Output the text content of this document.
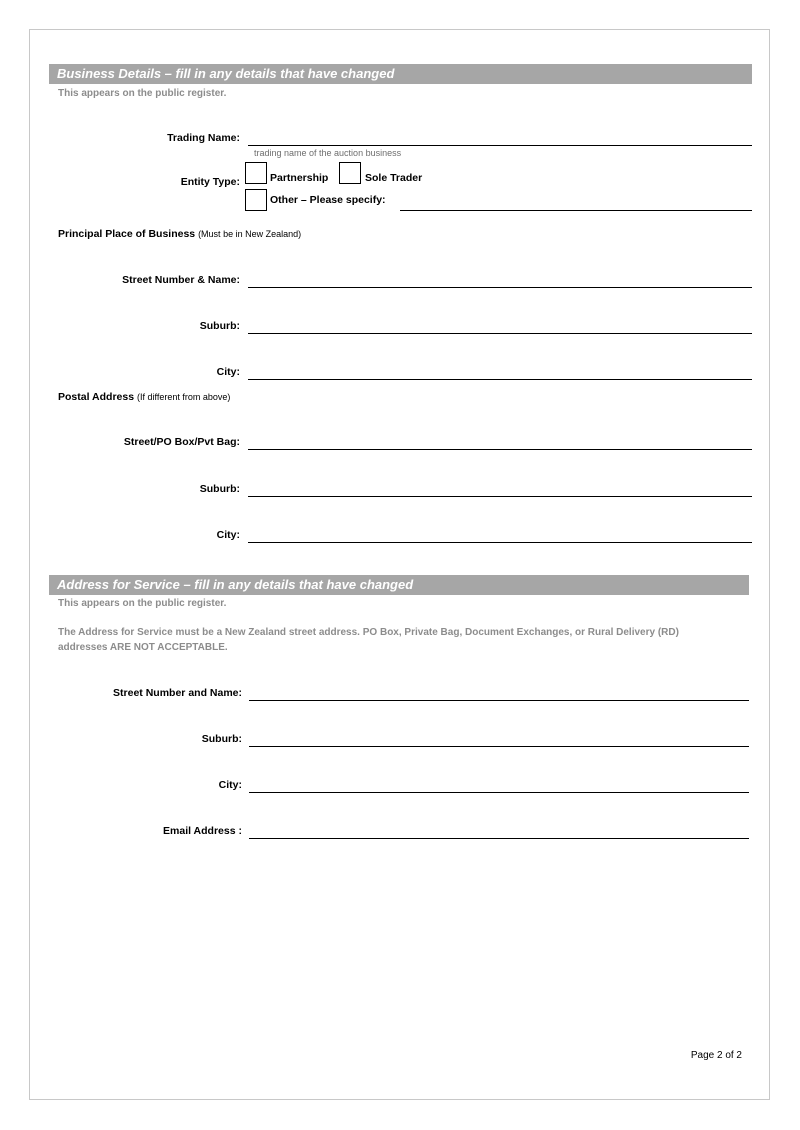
Business Details – fill in any details that have changed
This appears on the public register.
Trading Name:
trading name of the auction business
Entity Type:	Partnership	Sole Trader
Other – Please specify:
Principal Place of Business (Must be in New Zealand)
Street Number & Name:
Suburb:
City:
Postal Address (If different from above)
Street/PO Box/Pvt Bag:
Suburb:
City:
Address for Service – fill in any details that have changed
This appears on the public register.
The Address for Service must be a New Zealand street address. PO Box, Private Bag, Document Exchanges, or Rural Delivery (RD)
addresses ARE NOT ACCEPTABLE.
Street Number and Name:
Suburb:
City:
Email Address :
Page 2 of 2
